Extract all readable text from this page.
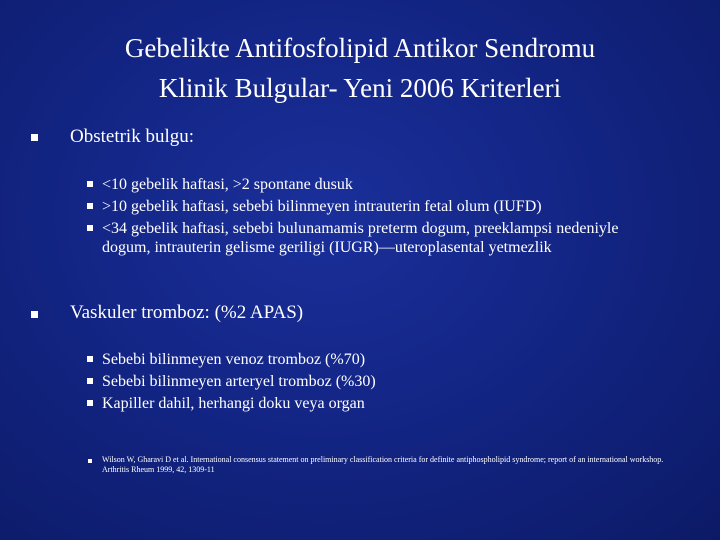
Gebelikte Antifosfolipid Antikor Sendromu
Klinik Bulgular- Yeni 2006 Kriterleri
Obstetrik bulgu:
<10 gebelik haftasi, >2 spontane dusuk
>10 gebelik haftasi, sebebi bilinmeyen intrauterin fetal olum (IUFD)
<34 gebelik haftasi, sebebi bulunamamis preterm dogum, preeklampsi nedeniyle
dogum, intrauterin gelisme geriligi (IUGR)—uteroplasental yetmezlik
Vaskuler tromboz: (%2 APAS)
Sebebi bilinmeyen venoz tromboz (%70)
Sebebi bilinmeyen arteryel tromboz (%30)
Kapiller dahil, herhangi doku veya organ
Wilson W, Gharavi D et al. International consensus statement on preliminary classification criteria for definite antiphospholipid syndrome; report of an international workshop. Arthritis Rheum 1999, 42, 1309-11
